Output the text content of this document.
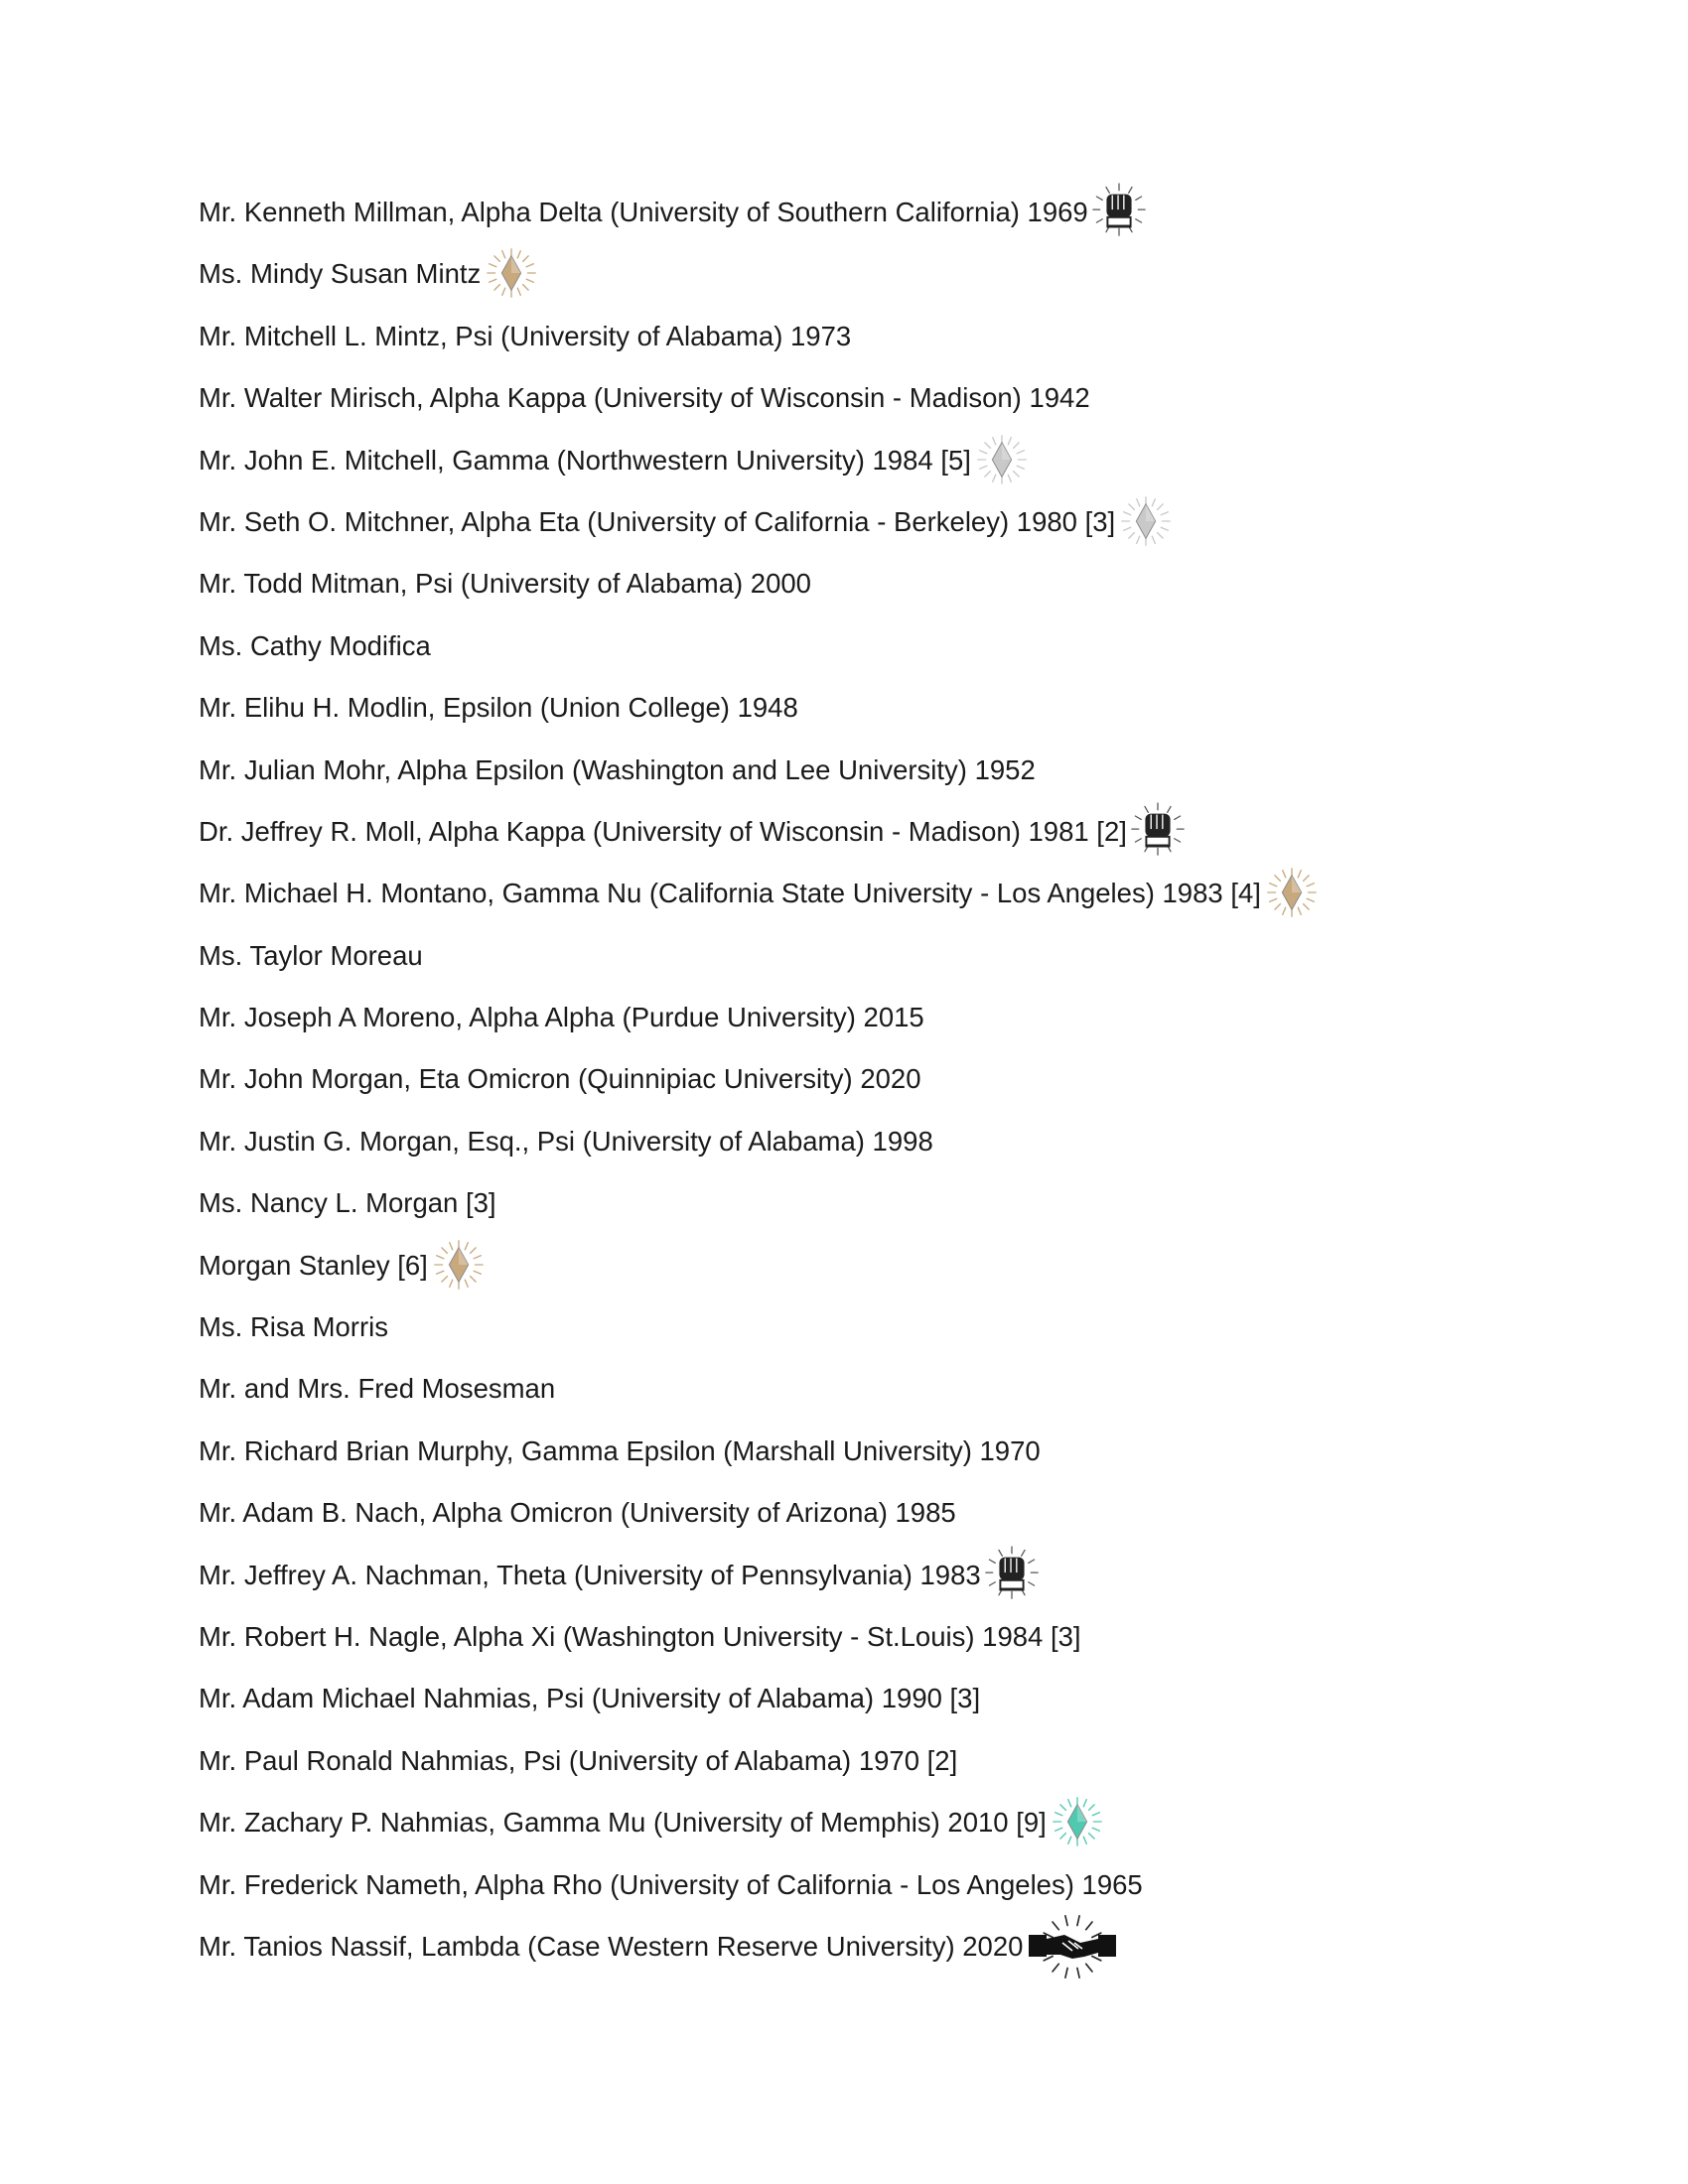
Mr. Kenneth Millman, Alpha Delta (University of Southern California) 1969
Ms. Mindy Susan Mintz
Mr. Mitchell L. Mintz, Psi (University of Alabama) 1973
Mr. Walter Mirisch, Alpha Kappa (University of Wisconsin - Madison) 1942
Mr. John E. Mitchell, Gamma (Northwestern University) 1984 [5]
Mr. Seth O. Mitchner, Alpha Eta (University of California - Berkeley) 1980 [3]
Mr. Todd Mitman, Psi (University of Alabama) 2000
Ms. Cathy Modifica
Mr. Elihu H. Modlin, Epsilon (Union College) 1948
Mr. Julian Mohr, Alpha Epsilon (Washington and Lee University) 1952
Dr. Jeffrey R. Moll, Alpha Kappa (University of Wisconsin - Madison) 1981 [2]
Mr. Michael H. Montano, Gamma Nu (California State University - Los Angeles) 1983 [4]
Ms. Taylor Moreau
Mr. Joseph A Moreno, Alpha Alpha (Purdue University) 2015
Mr. John Morgan, Eta Omicron (Quinnipiac University) 2020
Mr. Justin G. Morgan, Esq., Psi (University of Alabama) 1998
Ms. Nancy L. Morgan [3]
Morgan Stanley [6]
Ms. Risa Morris
Mr. and Mrs. Fred Mosesman
Mr. Richard Brian Murphy, Gamma Epsilon (Marshall University) 1970
Mr. Adam B. Nach, Alpha Omicron (University of Arizona) 1985
Mr. Jeffrey A. Nachman, Theta (University of Pennsylvania) 1983
Mr. Robert H. Nagle, Alpha Xi (Washington University - St.Louis) 1984 [3]
Mr. Adam Michael Nahmias, Psi (University of Alabama) 1990 [3]
Mr. Paul Ronald Nahmias, Psi (University of Alabama) 1970 [2]
Mr. Zachary P. Nahmias, Gamma Mu (University of Memphis) 2010 [9]
Mr. Frederick Nameth, Alpha Rho (University of California - Los Angeles) 1965
Mr. Tanios Nassif, Lambda (Case Western Reserve University) 2020
